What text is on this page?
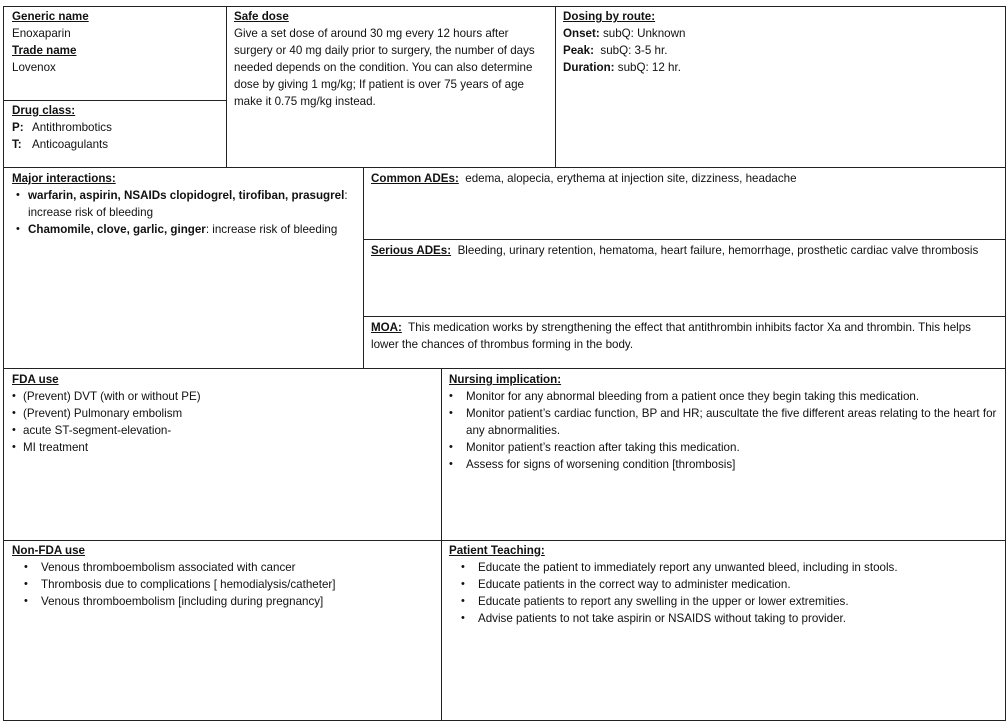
Generic name
Enoxaparin
Trade name
Lovenox
Drug class:
P: Antithrombotics
T: Anticoagulants
Safe dose
Give a set dose of around 30 mg every 12 hours after surgery or 40 mg daily prior to surgery, the number of days needed depends on the condition. You can also determine dose by giving 1 mg/kg; If patient is over 75 years of age make it 0.75 mg/kg instead.
Dosing by route:
Onset: subQ: Unknown
Peak: subQ: 3-5 hr.
Duration: subQ: 12 hr.
Major interactions:
• warfarin, aspirin, NSAIDs clopidogrel, tirofiban, prasugrel: increase risk of bleeding
• Chamomile, clove, garlic, ginger: increase risk of bleeding
Common ADEs: edema, alopecia, erythema at injection site, dizziness, headache
Serious ADEs: Bleeding, urinary retention, hematoma, heart failure, hemorrhage, prosthetic cardiac valve thrombosis
MOA: This medication works by strengthening the effect that antithrombin inhibits factor Xa and thrombin. This helps lower the chances of thrombus forming in the body.
FDA use
• (Prevent) DVT (with or without PE)
• (Prevent) Pulmonary embolism
• acute ST-segment-elevation-
• MI treatment
Nursing implication:
• Monitor for any abnormal bleeding from a patient once they begin taking this medication.
• Monitor patient’s cardiac function, BP and HR; auscultate the five different areas relating to the heart for any abnormalities.
• Monitor patient’s reaction after taking this medication.
• Assess for signs of worsening condition [thrombosis]
Non-FDA use
• Venous thromboembolism associated with cancer
• Thrombosis due to complications [ hemodialysis/catheter]
• Venous thromboembolism [including during pregnancy]
Patient Teaching:
• Educate the patient to immediately report any unwanted bleed, including in stools.
• Educate patients in the correct way to administer medication.
• Educate patients to report any swelling in the upper or lower extremities.
• Advise patients to not take aspirin or NSAIDS without taking to provider.
